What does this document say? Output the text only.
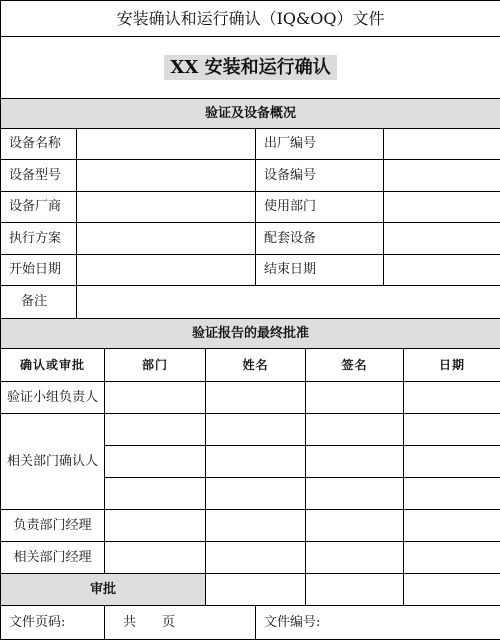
安装确认和运行确认（IQ&OQ）文件							
XX 安装和运行确认							
验证及设备概况							
设备名称				出厂编号			
设备型号				设备编号			
设备厂商				使用部门			
执行方案				配套设备			
开始日期				结束日期			
备注							
验证报告的最终批准							
确认或审批		部门	姓名		签名		日期
验证小组负责人							
相关部门确认人							

负责部门经理							
相关部门经理							
审批							
文件页码:		共　　页		文件编号:			
